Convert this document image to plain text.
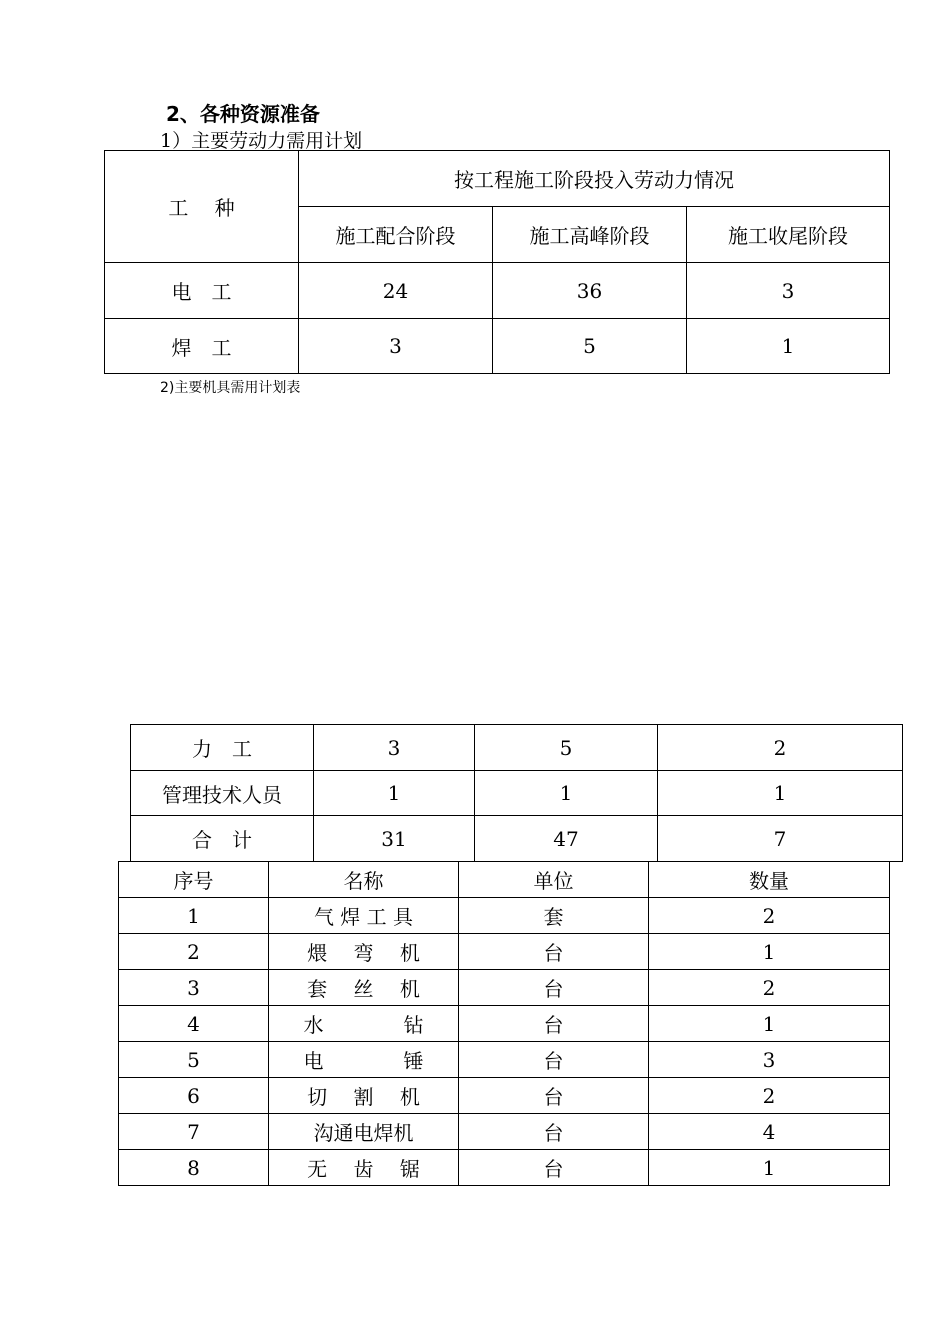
2、各种资源准备
1）主要劳动力需用计划
工　 种	按工程施工阶段投入劳动力情况		
	施工配合阶段	施工高峰阶段	施工收尾阶段
电　工	24	36	3
焊　工	3	5	1
2)主要机具需用计划表
力　工	3	5	2
管理技术人员	1	1	1
合　计	31	47	7
序号	名称	单位	数量
1	气 焊 工 具	套	2
2	煨　 弯　 机	台	1
3	套　 丝　 机	台	2
4	水　　　　钻	台	1
5	电　　　　锤	台	3
6	切　 割　 机	台	2
7	沟通电焊机	台	4
8	无　 齿　 锯	台	1
